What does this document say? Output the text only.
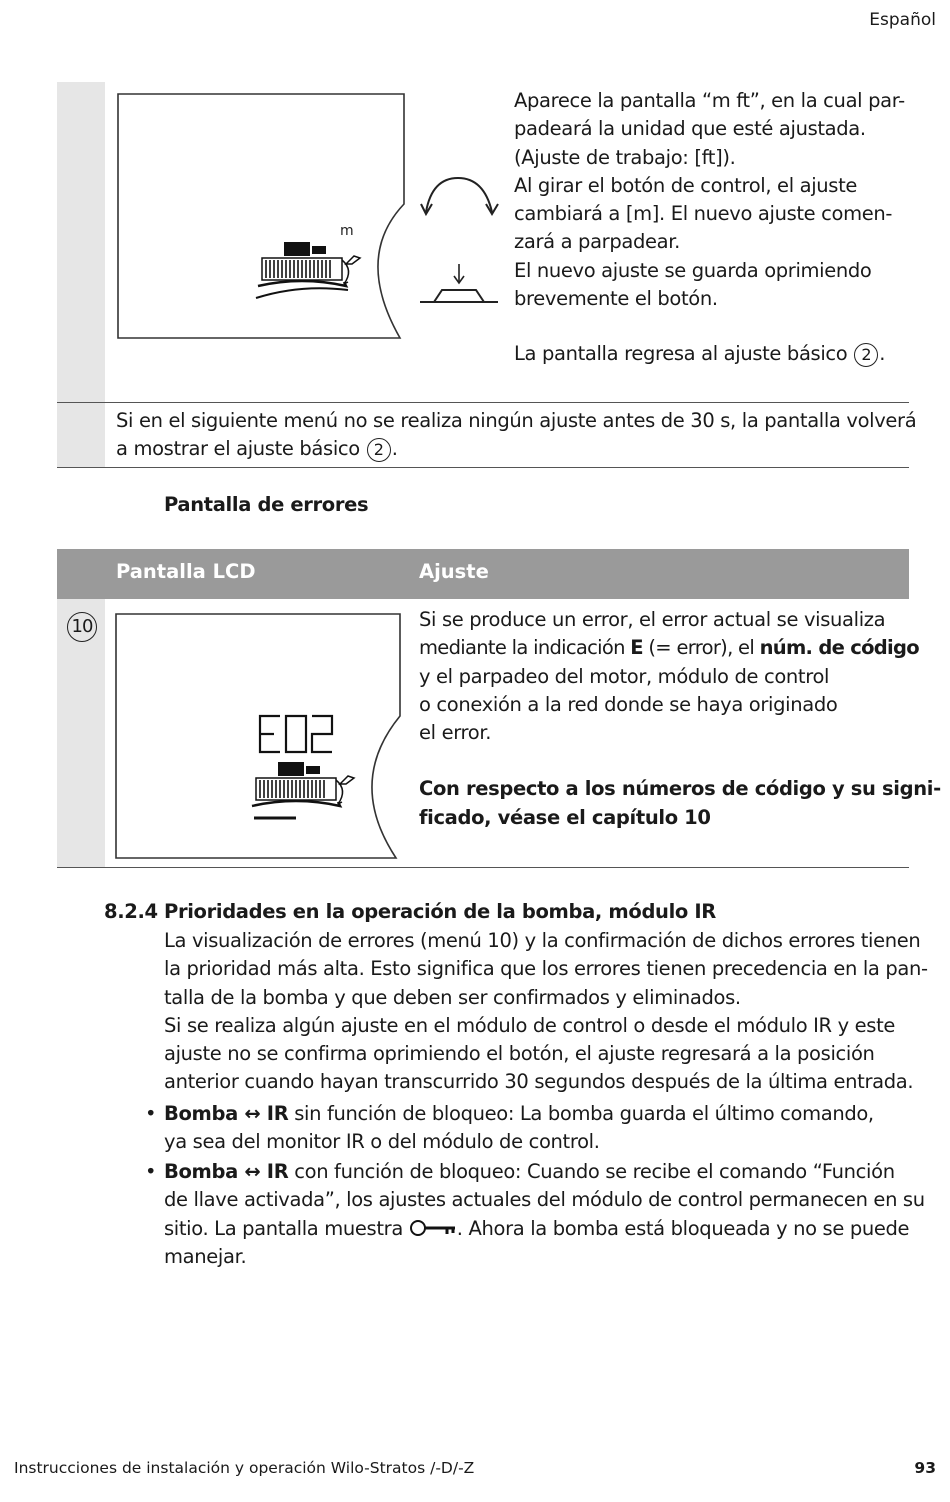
Español
m
Aparece la pantalla “m ft”, en la cual par-
padeará la unidad que esté ajustada.
(Ajuste de trabajo: [ft]).
Al girar el botón de control, el ajuste
cambiará a [m]. El nuevo ajuste comen-
zará a parpadear.
El nuevo ajuste se guarda oprimiendo
brevemente el botón.
La pantalla regresa al ajuste básico 2 .
Si en el siguiente menú no se realiza ningún ajuste antes de 30 s, la pantalla volverá
a mostrar el ajuste básico 2 .
Pantalla de errores
Pantalla LCD	Ajuste
10	Si se produce un error, el error actual se visualiza
mediante la indicación E (= error), el núm. de código
y el parpadeo del motor, módulo de control
o conexión a la red donde se haya originado
el error.
Con respecto a los números de código y su signi-
ficado, véase el capítulo 10
8.2.4 Prioridades en la operación de la bomba, módulo IR
La visualización de errores (menú 10) y la confirmación de dichos errores tienen
la prioridad más alta. Esto significa que los errores tienen precedencia en la pan-
talla de la bomba y que deben ser confirmados y eliminados.
Si se realiza algún ajuste en el módulo de control o desde el módulo IR y este
ajuste no se confirma oprimiendo el botón, el ajuste regresará a la posición
anterior cuando hayan transcurrido 30 segundos después de la última entrada.
• Bomba ↔ IR sin función de bloqueo: La bomba guarda el último comando,
ya sea del monitor IR o del módulo de control.
• Bomba ↔ IR con función de bloqueo: Cuando se recibe el comando “Función
de llave activada”, los ajustes actuales del módulo de control permanecen en su
sitio. La pantalla muestra	. Ahora la bomba está bloqueada y no se puede
manejar.
Instrucciones de instalación y operación Wilo-Stratos /-D/-Z	93
